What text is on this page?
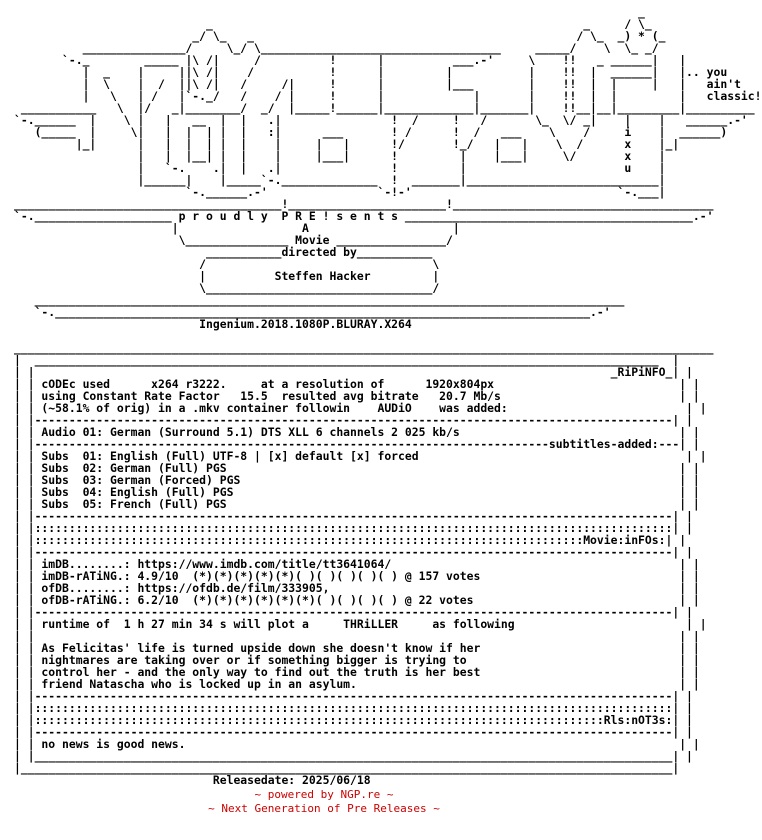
_
_                                                      _     / \_
_/ \_   _                                               / \_  _) * (_
_______________/     \_/ \___________________________________     _____/    \  \_ _/
`-._        _____ |\ /|     /          !      |          ___.-'     \    !!   _ ______|   |
|  _    |     ||\ /|    /           !      |         |           |    !!  |  ______|   |.. you
|  \    |  /  ||\ /|   /     /|     !      |         |___        |    !!  |  |     |   |   ain't
|   \   | /   |`-._/   /    / |     !      |             |       |    !!  |  |         |   classic!
___________   \  |/   _|________/  _/  |_____!______|_____________|_______|    !!__|__|_________|__________
`-.______  |    \ |   |   __  |  |   .|                !  /     !   /       \_  \/ _|    |    |   ______.-'
(_____  |     \|   |  |  | |  |   :|      ___       ! /      !  /   ___    \    /     i    |  ______)
|_|      |   |  |  | |  |    |     |   |      !/       !_/   |   |    \  /      x    |_|
|   |  |__| |  |    |     |___|      !         |    |___|     \/       x    |
|   `-.    .|  |   .|                !         |                       u    |
|______|    |_____`-.______________  !  _______|____________________________|
`-.______.-'                `-!-'                              `-.___|
_______________________________________!_______________________!______________________________________
`-.____________________ p r o u d l y  P R E ! s e n t s __________________________________________.-'
|                  A                     |
\_______________ Movie ________________/
___________directed by___________
/                                 \
|          Steffen Hacker         |
\_________________________________/
______________________________________________________________________________________
`-.______________________________________________________________________________.-'
Ingenium.2018.1080P.BLURAY.X264

______________________________________________________________________________________________________
|  ___________________________________________________________________________________________  |
| |                                                                                    _RiPiNFO_| |
| | cODEc used      x264 r3222.     at a resolution of      1920x804px                           | |
| | using Constant Rate Factor   15.5  resulted avg bitrate   20.7 Mb/s                          | |
| | (~58.1% of orig) in a .mkv container followin    AUDiO    was added:                          | |
| |---------------------------------------------------------------------------------------------| |
| | Audio 01: German (Surround 5.1) DTS XLL 6 channels 2 025 kb/s                                | |
| |---------------------------------------------------------------------------subtitles-added:---| |
| | Subs  01: English (Full) UTF-8 | [x] default [x] forced                                       | |
| | Subs  02: German (Full) PGS                                                                  | |
| | Subs  03: German (Forced) PGS                                                                | |
| | Subs  04: English (Full) PGS                                                                 | |
| | Subs  05: French (Full) PGS                                                                  | |
| |---------------------------------------------------------------------------------------------| |
| |:::::::::::::::::::::::::::::::::::::::::::::::::::::::::::::::::::::::::::::::::::::::::::::| |
| |::::::::::::::::::::::::::::::::::::::::::::::::::::::::::::::::::::::::::::::::Movie:inFOs:| |
| |---------------------------------------------------------------------------------------------| |
| | imDB........: https://www.imdb.com/title/tt3641064/                                          | |
| | imDB-rATiNG.: 4.9/10  (*)(*)(*)(*)(*)( )( )( )( )( ) @ 157 votes                             | |
| | ofDB........: https://ofdb.de/film/333905,                                                   | |
| | ofDB-rATiNG.: 6.2/10  (*)(*)(*)(*)(*)(*)( )( )( )( ) @ 22 votes                              | |
| |---------------------------------------------------------------------------------------------| |
| | runtime of  1 h 27 min 34 s will plot a     THRiLLER     as following                         | |
| |                                                                                              | |
| | As Felicitas' life is turned upside down she doesn't know if her                             | |
| | nightmares are taking over or if something bigger is trying to                               | |
| | control her - and the only way to find out the truth is her best                             | |
| | friend Natascha who is locked up in an asylum.                                               | |
| |---------------------------------------------------------------------------------------------| |
| |:::::::::::::::::::::::::::::::::::::::::::::::::::::::::::::::::::::::::::::::::::::::::::::| |
| |:::::::::::::::::::::::::::::::::::::::::::::::::::::::::::::::::::::::::::::::::::Rls:nOT3s:| |
| |---------------------------------------------------------------------------------------------| |
| | no news is good news.                                                                        | |
| |_____________________________________________________________________________________________| |
|_______________________________________________________________________________________________|
Releasedate: 2025/06/18
~ powered by NGP.re ~
~ Next Generation of Pre Releases ~
